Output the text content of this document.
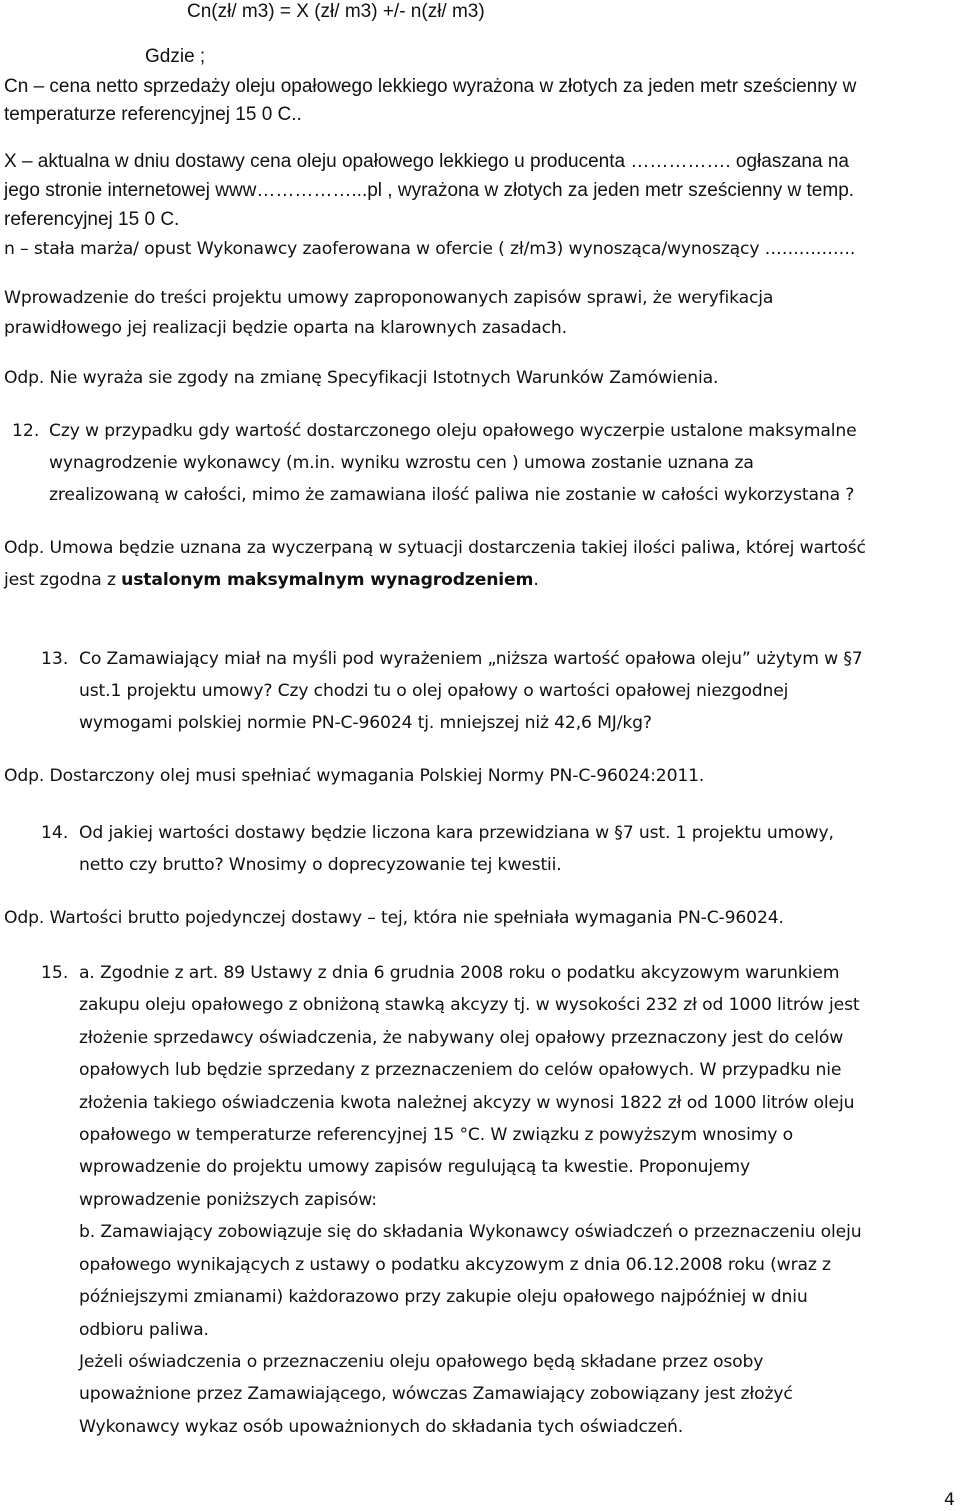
Cn(zł/ m3) = X (zł/ m3) +/- n(zł/ m3)
Gdzie ;
Cn – cena netto sprzedaży oleju opałowego lekkiego wyrażona w złotych za jeden metr sześcienny w
temperaturze referencyjnej 15 0 C..
X – aktualna w dniu dostawy cena oleju opałowego lekkiego u producenta ……………. ogłaszana na
jego stronie internetowej www……………...pl , wyrażona w złotych za jeden metr sześcienny w temp.
referencyjnej 15 0 C.
n – stała marża/ opust Wykonawcy zaoferowana w ofercie ( zł/m3) wynosząca/wynoszący …………….
Wprowadzenie do treści projektu umowy zaproponowanych zapisów sprawi, że weryfikacja
prawidłowego jej realizacji będzie oparta na klarownych zasadach.
Odp. Nie wyraża sie zgody na zmianę Specyfikacji Istotnych Warunków Zamówienia.
12. Czy w przypadku gdy wartość dostarczonego oleju opałowego wyczerpie ustalone maksymalne
wynagrodzenie wykonawcy (m.in. wyniku wzrostu cen ) umowa zostanie uznana za
zrealizowaną w całości, mimo że zamawiana ilość paliwa nie zostanie w całości wykorzystana ?
Odp. Umowa będzie uznana za wyczerpaną w sytuacji dostarczenia takiej ilości paliwa, której wartość
jest zgodna z ustalonym maksymalnym wynagrodzeniem.
13. Co Zamawiający miał na myśli pod wyrażeniem „niższa wartość opałowa oleju” użytym w §7
ust.1 projektu umowy? Czy chodzi tu o olej opałowy o wartości opałowej niezgodnej
wymogami polskiej normie PN-C-96024 tj. mniejszej niż 42,6 MJ/kg?
Odp. Dostarczony olej musi spełniać wymagania Polskiej Normy PN-C-96024:2011.
14. Od jakiej wartości dostawy będzie liczona kara przewidziana w §7 ust. 1 projektu umowy,
netto czy brutto? Wnosimy o doprecyzowanie tej kwestii.
Odp. Wartości brutto pojedynczej dostawy – tej, która nie spełniała wymagania PN-C-96024.
15. a. Zgodnie z art. 89 Ustawy z dnia 6 grudnia 2008 roku o podatku akcyzowym warunkiem
zakupu oleju opałowego z obniżoną stawką akcyzy tj. w wysokości 232 zł od 1000 litrów jest
złożenie sprzedawcy oświadczenia, że nabywany olej opałowy przeznaczony jest do celów
opałowych lub będzie sprzedany z przeznaczeniem do celów opałowych. W przypadku nie
złożenia takiego oświadczenia kwota należnej akcyzy w wynosi 1822 zł od 1000 litrów oleju
opałowego w temperaturze referencyjnej 15 °C. W związku z powyższym wnosimy o
wprowadzenie do projektu umowy zapisów regulującą ta kwestie. Proponujemy
wprowadzenie poniższych zapisów:
b. Zamawiający zobowiązuje się do składania Wykonawcy oświadczeń o przeznaczeniu oleju
opałowego wynikających z ustawy o podatku akcyzowym z dnia 06.12.2008 roku (wraz z
późniejszymi zmianami) każdorazowo przy zakupie oleju opałowego najpóźniej w dniu
odbioru paliwa.
Jeżeli oświadczenia o przeznaczeniu oleju opałowego będą składane przez osoby
upoważnione przez Zamawiającego, wówczas Zamawiający zobowiązany jest złożyć
Wykonawcy wykaz osób upoważnionych do składania tych oświadczeń.
4
